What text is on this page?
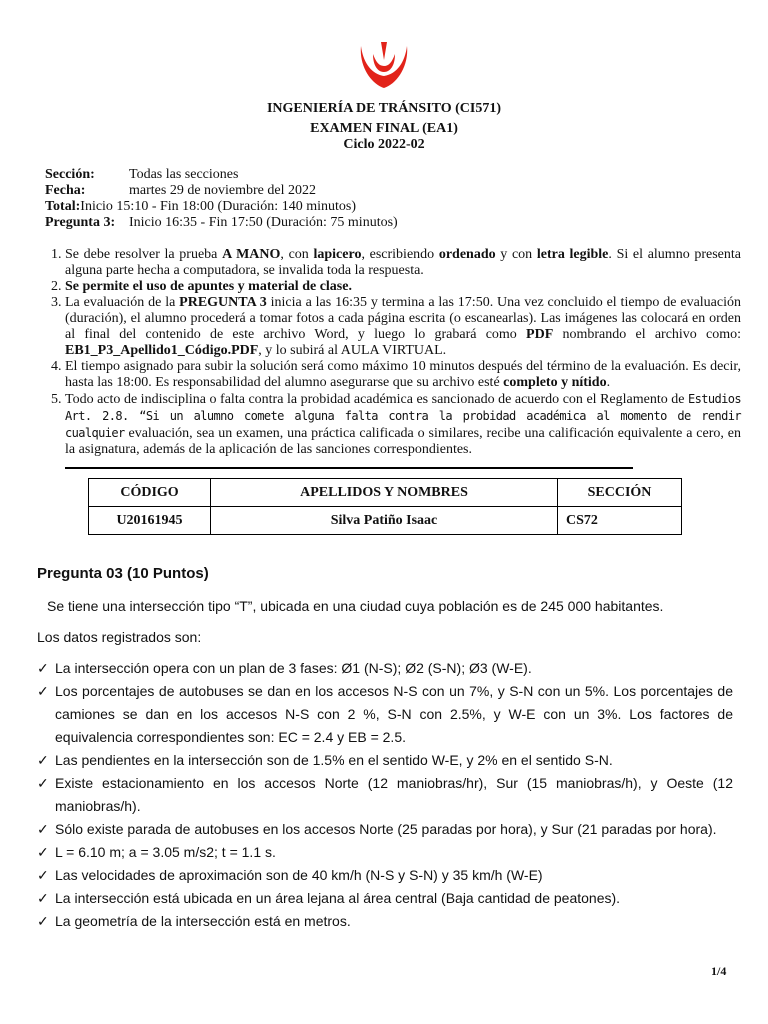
INGENIERÍA DE TRÁNSITO (CI571)
EXAMEN FINAL (EA1)
Ciclo 2022-02
Sección: Todas las secciones
Fecha:	martes 29 de noviembre del 2022
Total:Inicio 15:10 - Fin 18:00 (Duración: 140 minutos)
Pregunta 3: Inicio 16:35 - Fin 17:50 (Duración: 75 minutos)
1. Se debe resolver la prueba A MANO, con lapicero, escribiendo ordenado y con letra legible. Si el alumno presenta alguna parte hecha a computadora, se invalida toda la respuesta.
2. Se permite el uso de apuntes y material de clase.
3. La evaluación de la PREGUNTA 3 inicia a las 16:35 y termina a las 17:50. Una vez concluido el tiempo de evaluación (duración), el alumno procederá a tomar fotos a cada página escrita (o escanearlas). Las imágenes las colocará en orden al final del contenido de este archivo Word, y luego lo grabará como PDF nombrando el archivo como: EB1_P3_Apellido1_Código.PDF, y lo subirá al AULA VIRTUAL.
4. El tiempo asignado para subir la solución será como máximo 10 minutos después del término de la evaluación. Es decir, hasta las 18:00. Es responsabilidad del alumno asegurarse que su archivo esté completo y nítido.
5. Todo acto de indisciplina o falta contra la probidad académica es sancionado de acuerdo con el Reglamento de Estudios Art. 2.8. “Si un alumno comete alguna falta contra la probidad académica al momento de rendir cualquier evaluación, sea un examen, una práctica calificada o similares, recibe una calificación equivalente a cero, en la asignatura, además de la aplicación de las sanciones correspondientes.
CÓDIGO	APELLIDOS Y NOMBRES	SECCIÓN
U20161945	Silva Patiño Isaac	CS72
Pregunta 03 (10 Puntos)
Se tiene una intersección tipo “T”, ubicada en una ciudad cuya población es de 245 000 habitantes.
Los datos registrados son:
✓ La intersección opera con un plan de 3 fases: Ø1 (N-S); Ø2 (S-N); Ø3 (W-E).
✓ Los porcentajes de autobuses se dan en los accesos N-S con un 7%, y S-N con un 5%. Los porcentajes de camiones se dan en los accesos N-S con 2 %, S-N con 2.5%, y W-E con un 3%. Los factores de equivalencia correspondientes son: EC = 2.4 y EB = 2.5.
✓ Las pendientes en la intersección son de 1.5% en el sentido W-E, y 2% en el sentido S-N.
✓ Existe estacionamiento en los accesos Norte (12 maniobras/hr), Sur (15 maniobras/h), y Oeste (12 maniobras/h).
✓ Sólo existe parada de autobuses en los accesos Norte (25 paradas por hora), y Sur (21 paradas por hora).
✓ L = 6.10 m; a = 3.05 m/s2; t = 1.1 s.
✓ Las velocidades de aproximación son de 40 km/h (N-S y S-N) y 35 km/h (W-E)
✓ La intersección está ubicada en un área lejana al área central (Baja cantidad de peatones).
✓ La geometría de la intersección está en metros.
1/4
